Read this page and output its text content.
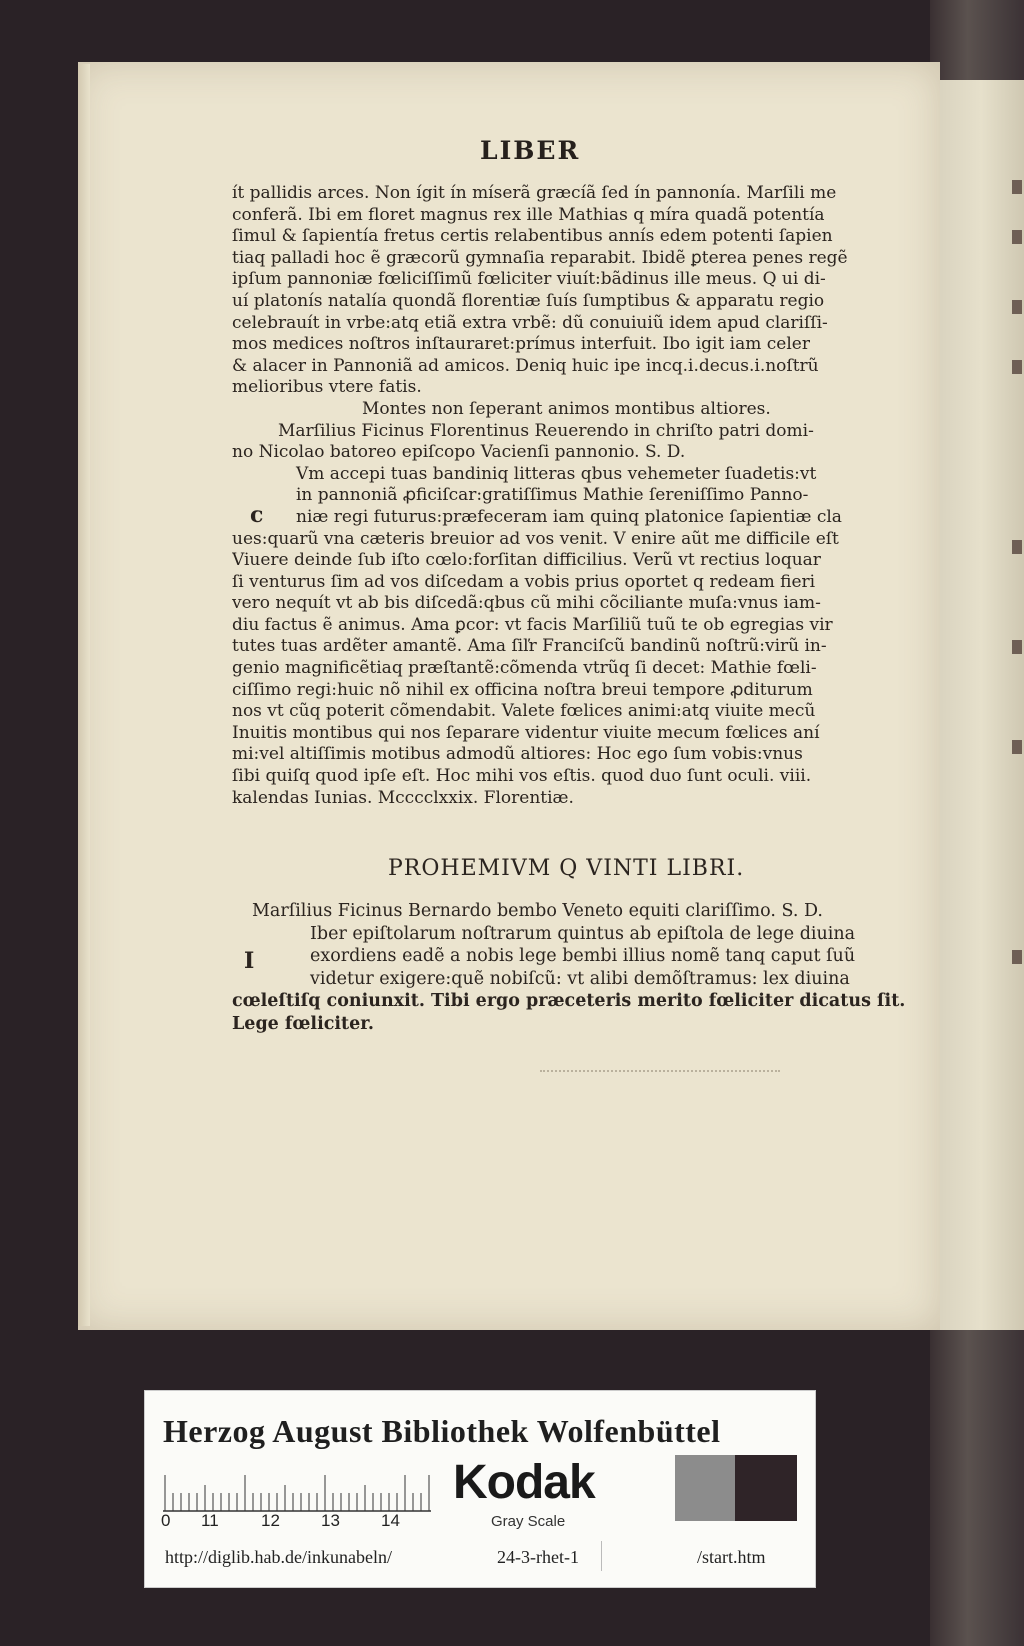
LIBER
ít pallidis arces. Non ígit ín míserã græcíã ſed ín pannonía. Marſili me
conferã. Ibi em floret magnus rex ille Mathias q míra quadã potentía
ſimul & ſapientía fretus certis relabentibus annís edem potenti ſapien
tiaq palladi hoc ẽ græcorũ gymnaſia reparabit. Ibidẽ ꝑterea penes regẽ
ipſum pannoniæ fœliciſſimũ fœliciter viuít:bãdinus ille meus. Q ui di-
uí platonís natalía quondã florentiæ ſuís ſumptibus & apparatu regio
celebrauít in vrbe:atq etiã extra vrbẽ: dũ conuiuiũ idem apud clariſſi-
mos medices noſtros inſtauraret:prímus interfuit. Ibo igit iam celer
& alacer in Pannoniã ad amicos. Deniq huic ipe incq.i.decus.i.noſtrũ
melioribus vtere fatis.
Montes non ſeperant animos montibus altiores.
Marſilius Ficinus Florentinus Reuerendo in chriſto patri domi-
no Nicolao batoreo epiſcopo Vacienſi pannonio. S. D.
Vm accepi tuas bandiniq litteras qbus vehemeter ſuadetis:vt
in pannoniã ꝓficiſcar:gratiſſimus Mathie ſereniſſimo Panno-
niæ regi futurus:præfeceram iam quinq platonice ſapientiæ cla
ues:quarũ vna cæteris breuior ad vos venit. V enire aũt me difficile eſt
Viuere deinde ſub iſto cœlo:forſitan difficilius. Verũ vt rectius loquar
ſi venturus ſim ad vos diſcedam a vobis prius oportet q redeam fieri
vero nequít vt ab bis diſcedã:qbus cũ mihi cõciliante muſa:vnus iam-
diu factus ẽ animus. Ama ꝑcor: vt facis Marſiliũ tuũ te ob egregias vir
tutes tuas ardẽter amantẽ. Ama ſiľr Franciſcũ bandinũ noſtrũ:virũ in-
genio magnificẽtiaq præſtantẽ:cõmenda vtrũq ſi decet: Mathie fœli-
ciſſimo regi:huic nõ nihil ex officina noſtra breui tempore ꝓditurum
nos vt cũq poterit cõmendabit. Valete fœlices animi:atq viuite mecũ
Inuitis montibus qui nos ſeparare videntur viuite mecum fœlices aní
mi:vel altiſſimis motibus admodũ altiores: Hoc ego ſum vobis:vnus
ſibi quiſq quod ipſe eſt. Hoc mihi vos eſtis. quod duo ſunt oculi. viii.
kalendas Iunias. Mcccclxxix. Florentiæ.
c
PROHEMIVM Q VINTI LIBRI.
Marſilius Ficinus Bernardo bembo Veneto equiti clariſſimo. S. D.
Iber epiſtolarum noſtrarum quintus ab epiſtola de lege diuina
exordiens eadẽ a nobis lege bembi illius nomẽ tanq caput ſuũ
videtur exigere:quẽ nobiſcũ: vt alibi demõſtramus: lex diuina
cœleſtiſq coniunxit. Tibi ergo præceteris merito fœliciter dicatus ſit.
Lege fœliciter.
I
Herzog August Bibliothek Wolfenbüttel
0 11 12 13 14
Kodak
Gray Scale
http://diglib.hab.de/inkunabeln/	24-3-rhet-1	/start.htm
